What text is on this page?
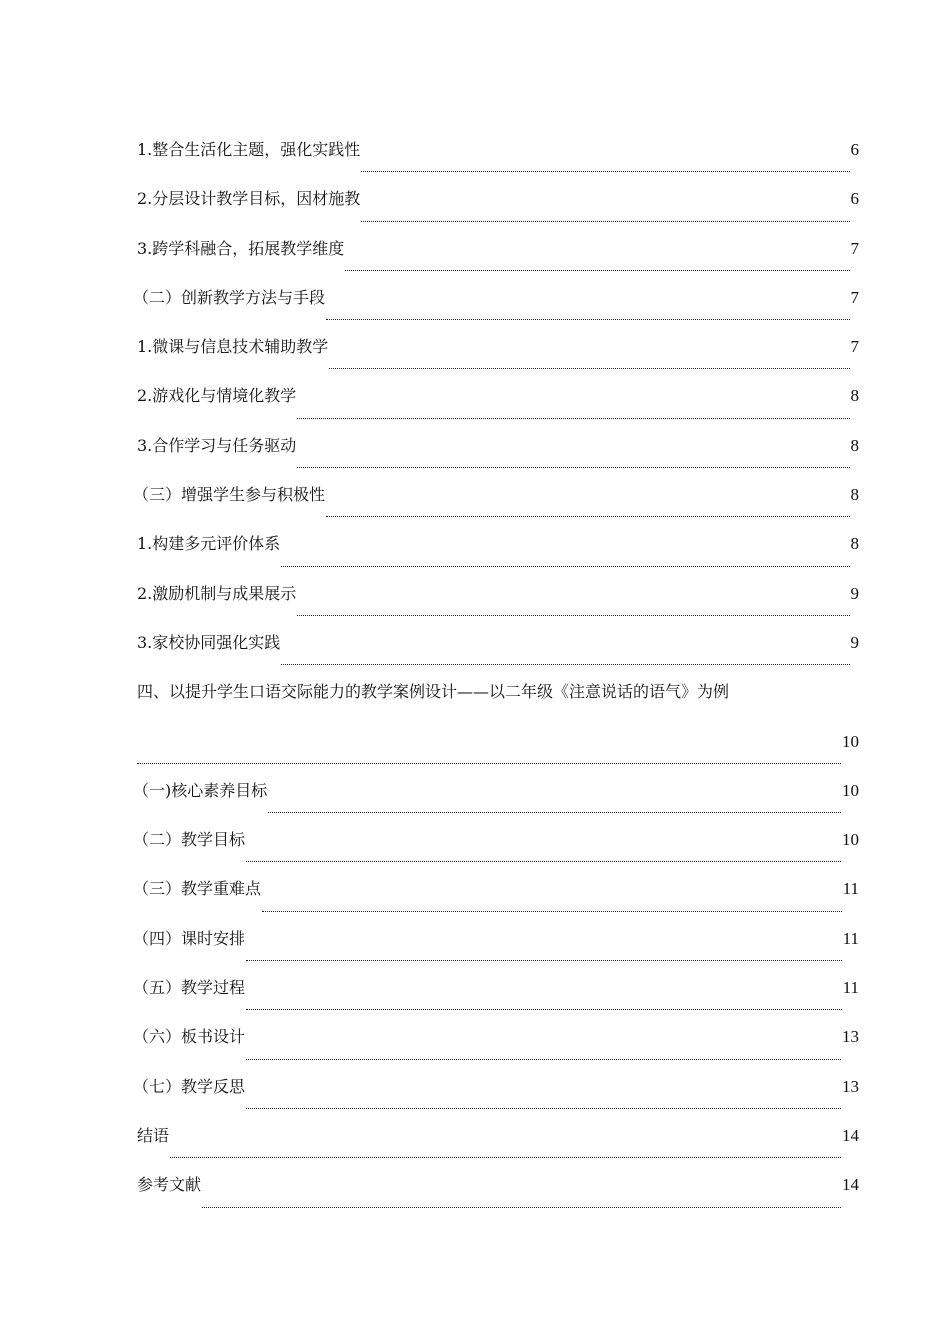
1.整合生活化主题，强化实践性	6
2.分层设计教学目标，因材施教	6
3.跨学科融合，拓展教学维度	7
（二）创新教学方法与手段	7
1.微课与信息技术辅助教学	7
2.游戏化与情境化教学	8
3.合作学习与任务驱动	8
（三）增强学生参与积极性	8
1.构建多元评价体系	8
2.激励机制与成果展示	9
3.家校协同强化实践	9
四、以提升学生口语交际能力的教学案例设计——以二年级《注意说话的语气》为例
10
（一)核心素养目标	10
（二）教学目标	10
（三）教学重难点	11
（四）课时安排	11
（五）教学过程	11
（六）板书设计	13
（七）教学反思	13
结语	14
参考文献	14
